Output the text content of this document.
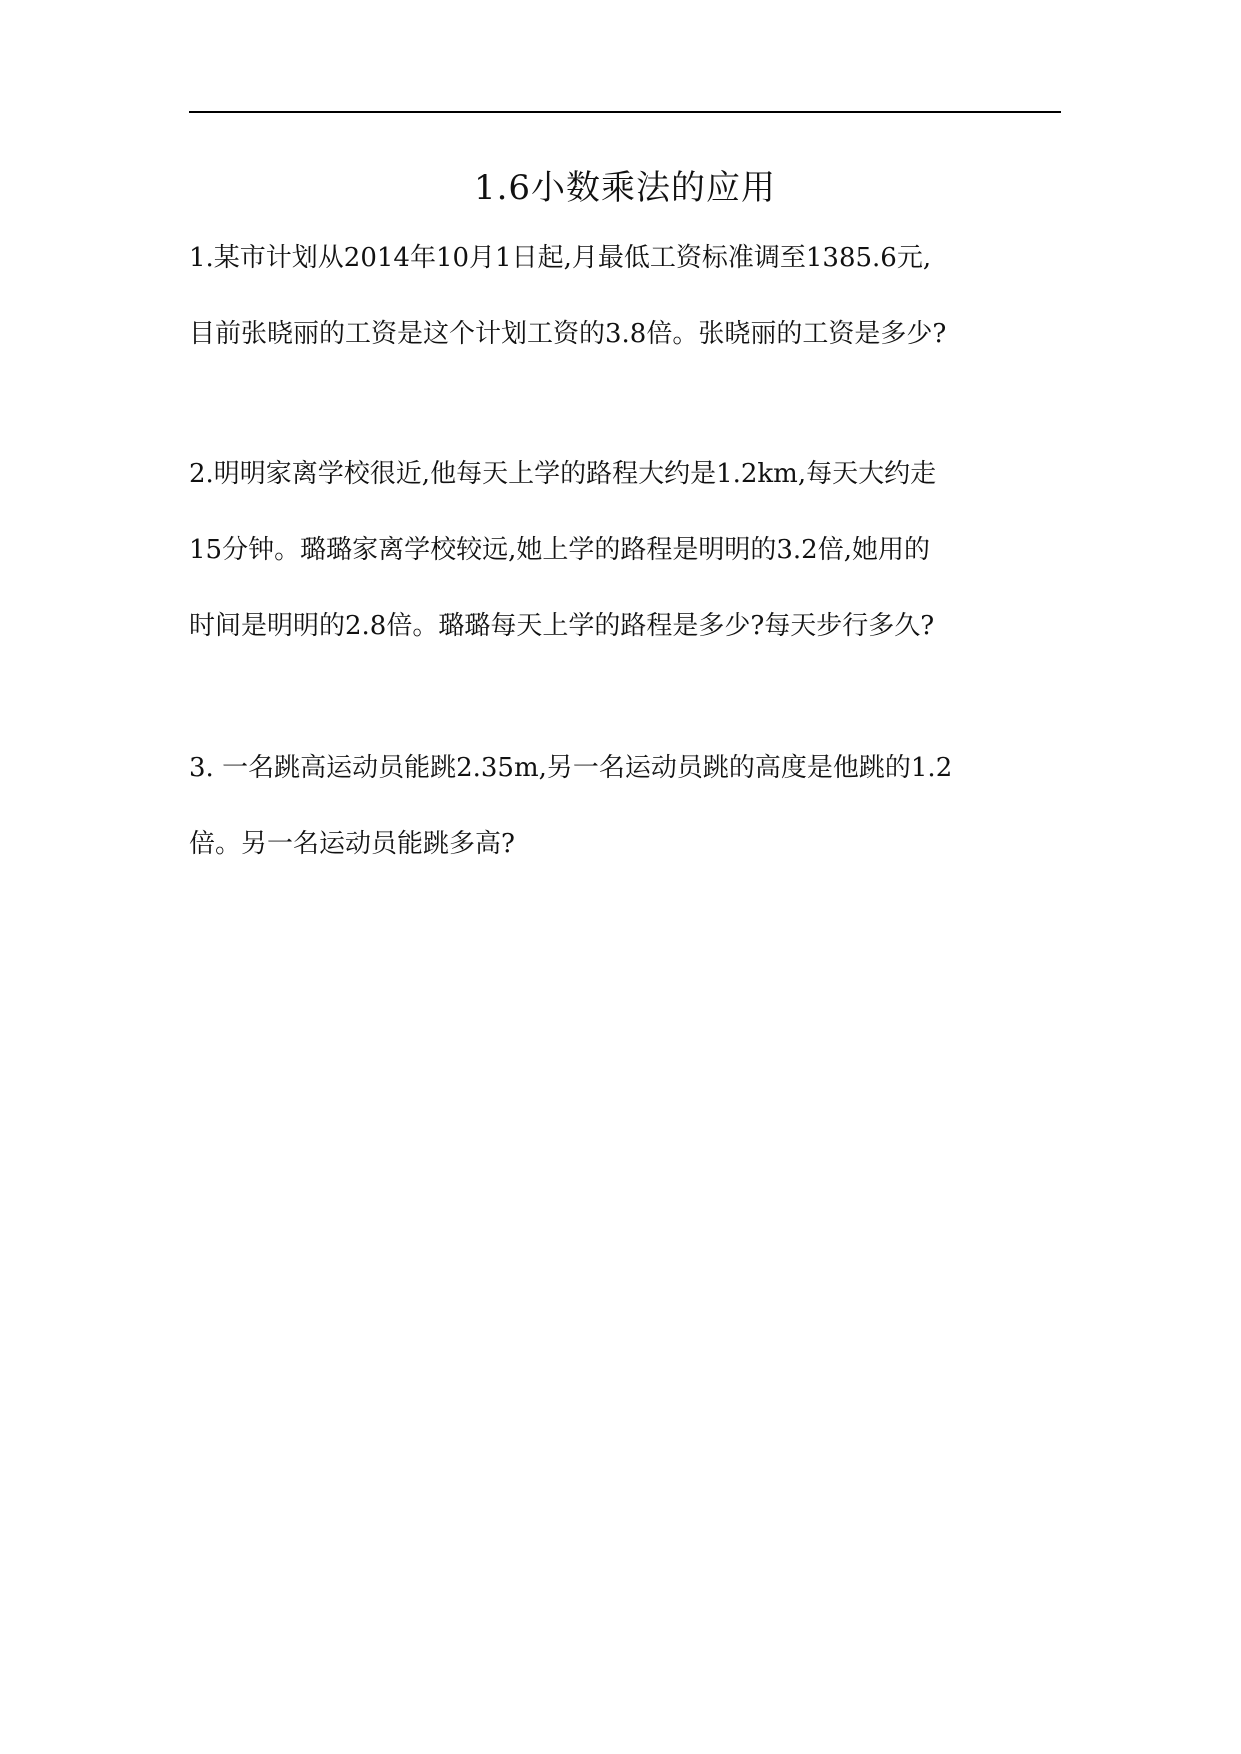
1.6小数乘法的应用
1.某市计划从2014年10月1日起,月最低工资标准调至1385.6元,
目前张晓丽的工资是这个计划工资的3.8倍。张晓丽的工资是多少?
2.明明家离学校很近,他每天上学的路程大约是1.2km,每天大约走
15分钟。璐璐家离学校较远,她上学的路程是明明的3.2倍,她用的
时间是明明的2.8倍。璐璐每天上学的路程是多少?每天步行多久?
3. 一名跳高运动员能跳2.35m,另一名运动员跳的高度是他跳的1.2
倍。另一名运动员能跳多高?
